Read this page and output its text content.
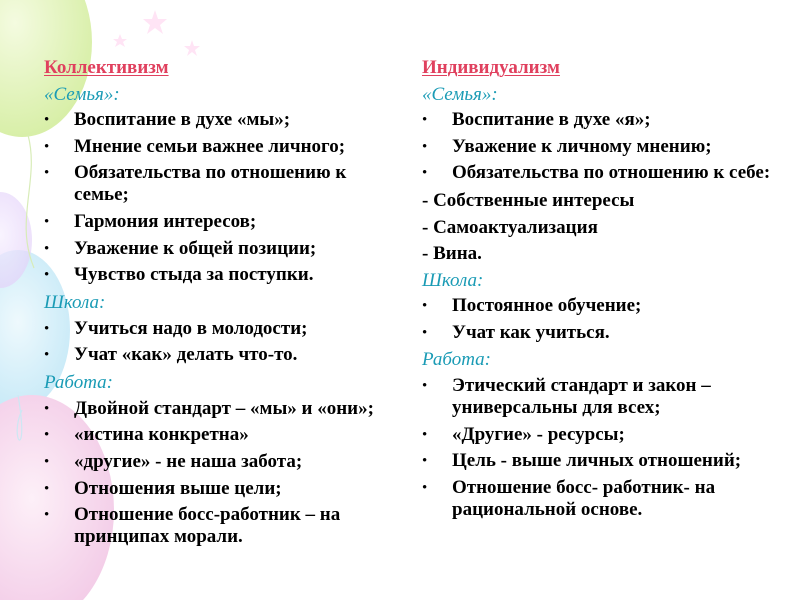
Коллективизм
«Семья»:
• Воспитание в духе «мы»;
• Мнение семьи важнее личного;
• Обязательства по отношению к семье;
• Гармония интересов;
• Уважение к общей позиции;
• Чувство стыда за поступки.
Школа:
• Учиться надо в молодости;
• Учат «как» делать что-то.
Работа:
• Двойной стандарт – «мы» и «они»;
• «истина конкретна»
• «другие» - не наша забота;
• Отношения выше цели;
• Отношение босс-работник – на принципах морали.
Индивидуализм
«Семья»:
• Воспитание в духе «я»;
• Уважение к личному мнению;
• Обязательства по отношению к себе:
- Собственные интересы
- Самоактуализация
- Вина.
Школа:
• Постоянное обучение;
• Учат как учиться.
Работа:
• Этический стандарт и закон – универсальны для всех;
• «Другие» - ресурсы;
• Цель - выше личных отношений;
• Отношение босс- работник- на рациональной основе.
